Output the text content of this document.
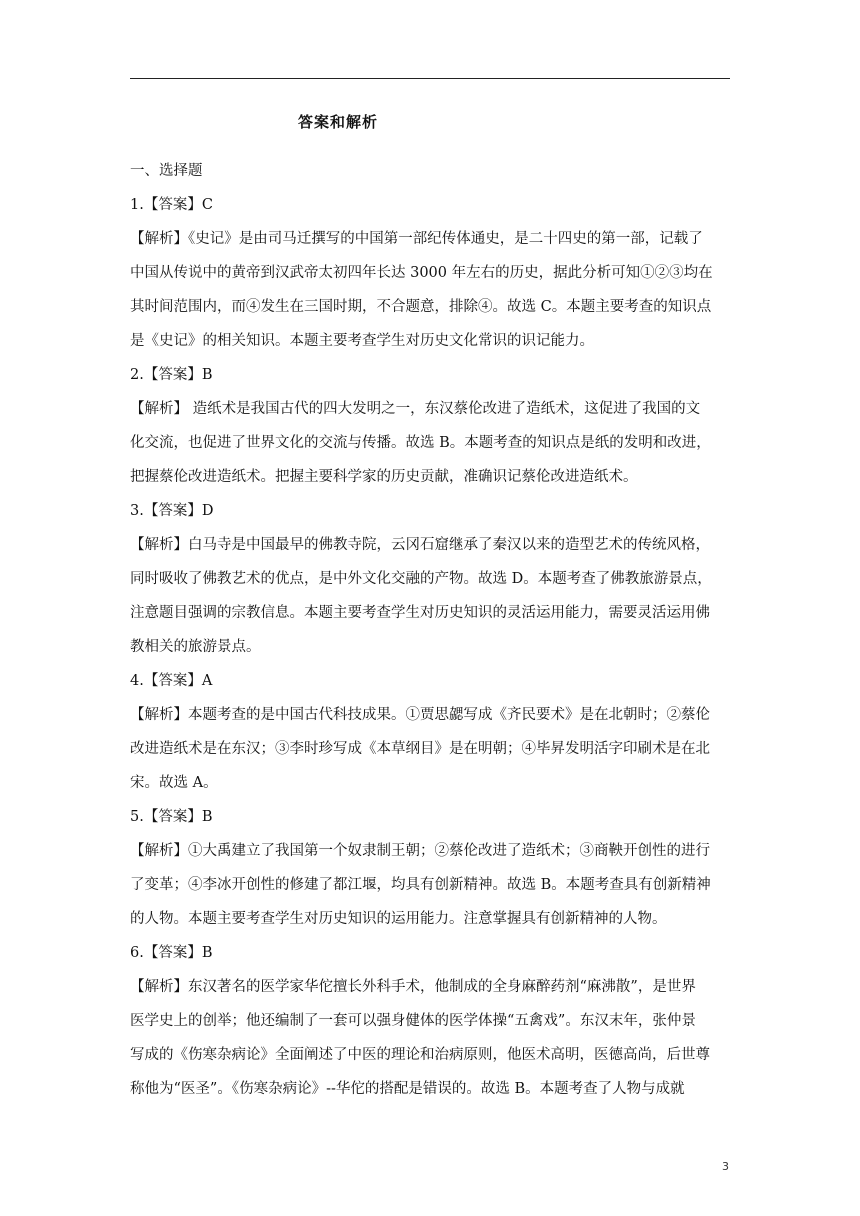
答案和解析
一、选择题
1.【答案】C
【解析】《史记》是由司马迁撰写的中国第一部纪传体通史，是二十四史的第一部，记载了
中国从传说中的黄帝到汉武帝太初四年长达 3000 年左右的历史，据此分析可知①②③均在
其时间范围内，而④发生在三国时期，不合题意，排除④。故选 C。本题主要考查的知识点
是《史记》的相关知识。本题主要考查学生对历史文化常识的识记能力。
2.【答案】B
【解析】 造纸术是我国古代的四大发明之一，东汉蔡伦改进了造纸术，这促进了我国的文
化交流，也促进了世界文化的交流与传播。故选 B。本题考查的知识点是纸的发明和改进，
把握蔡伦改进造纸术。把握主要科学家的历史贡献，准确识记蔡伦改进造纸术。
3.【答案】D
【解析】白马寺是中国最早的佛教寺院，云冈石窟继承了秦汉以来的造型艺术的传统风格，
同时吸收了佛教艺术的优点，是中外文化交融的产物。故选 D。本题考查了佛教旅游景点，
注意题目强调的宗教信息。本题主要考查学生对历史知识的灵活运用能力，需要灵活运用佛
教相关的旅游景点。
4.【答案】A
【解析】本题考查的是中国古代科技成果。①贾思勰写成《齐民要术》是在北朝时；②蔡伦
改进造纸术是在东汉；③李时珍写成《本草纲目》是在明朝；④毕昇发明活字印刷术是在北
宋。故选 A。
5.【答案】B
【解析】①大禹建立了我国第一个奴隶制王朝；②蔡伦改进了造纸术；③商鞅开创性的进行
了变革；④李冰开创性的修建了都江堰，均具有创新精神。故选 B。本题考查具有创新精神
的人物。本题主要考查学生对历史知识的运用能力。注意掌握具有创新精神的人物。
6.【答案】B
【解析】东汉著名的医学家华佗擅长外科手术，他制成的全身麻醉药剂“麻沸散”，是世界
医学史上的创举；他还编制了一套可以强身健体的医学体操“五禽戏”。东汉末年，张仲景
写成的《伤寒杂病论》全面阐述了中医的理论和治病原则，他医术高明，医德高尚，后世尊
称他为“医圣”。《伤寒杂病论》--华佗的搭配是错误的。故选 B。本题考查了人物与成就
3
